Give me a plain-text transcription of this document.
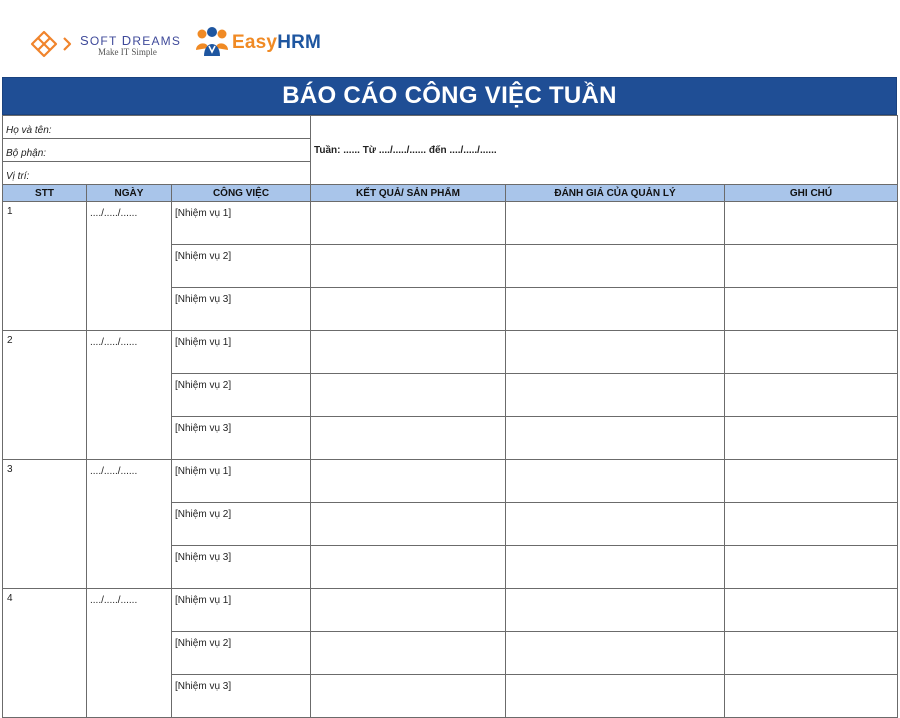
SOFT DREAMS
Make IT Simple	EasyHRM
BÁO CÁO CÔNG VIỆC TUẦN
Họ và tên:			Tuần: ...... Từ ..../...../...... đến ..../...../......		
Bộ phận:					
Vị trí:					
STT	NGÀY	CÔNG VIỆC	KẾT QUẢ/ SẢN PHẨM	ĐÁNH GIÁ CỦA QUẢN LÝ	GHI CHÚ
1	..../...../......	[Nhiệm vụ 1]			
		[Nhiệm vụ 2]			
		[Nhiệm vụ 3]			
2	..../...../......	[Nhiệm vụ 1]			
		[Nhiệm vụ 2]			
		[Nhiệm vụ 3]			
3	..../...../......	[Nhiệm vụ 1]			
		[Nhiệm vụ 2]			
		[Nhiệm vụ 3]			
4	..../...../......	[Nhiệm vụ 1]			
		[Nhiệm vụ 2]			
		[Nhiệm vụ 3]			
